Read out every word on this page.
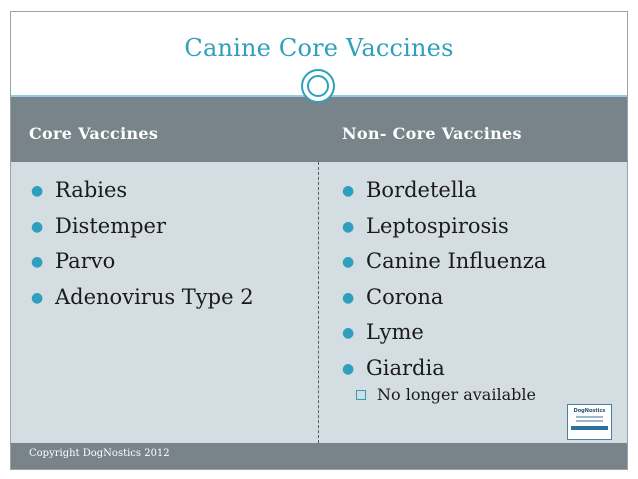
Canine Core Vaccines
Core Vaccines	Non- Core Vaccines
● Rabies
● Distemper
● Parvo
● Adenovirus Type 2
● Bordetella
● Leptospirosis
● Canine Influenza
● Corona
● Lyme
● Giardia
No longer available
DogNostics
Copyright DogNostics 2012
